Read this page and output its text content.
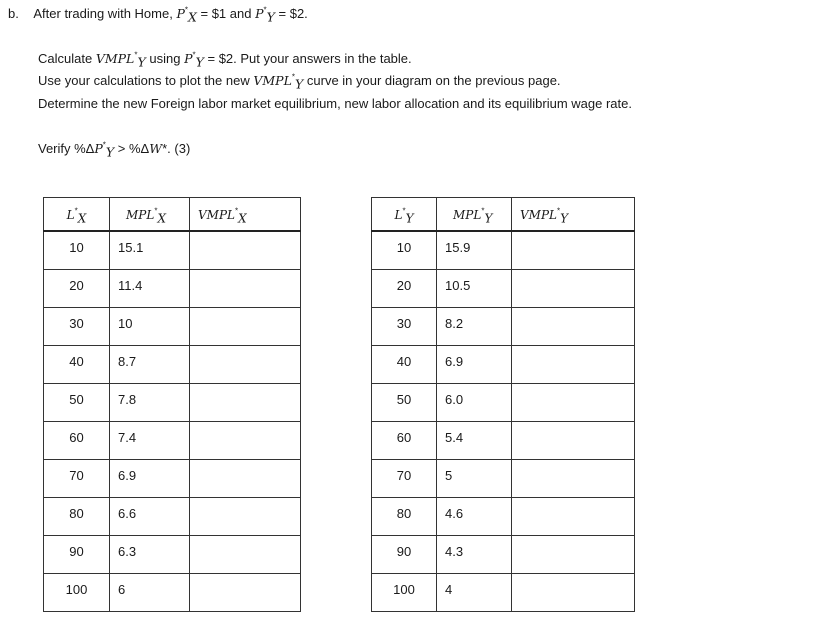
b. After trading with Home, $P^*_X$ = $1 and $P^*_Y$ = $2.
Calculate $VMPL^*_Y$ using $P^*_Y$ = $2. Put your answers in the table.
Use your calculations to plot the new $VMPL^*_Y$ curve in your diagram on the previous page.
Determine the new Foreign labor market equilibrium, new labor allocation and its equilibrium wage rate.
Verify $\%\Delta P^*_Y > \%\Delta W*$. (3)
$L^*_X$	$MPL^*_X$	$VMPL^*_X$

10	15.1	

20	11.4	

30	10	

40	8.7	

50	7.8	

60	7.4	

70	6.9	

80	6.6	

90	6.3	

100	6	

$L^*_Y$	$MPL^*_Y$	$VMPL^*_Y$

10	15.9	

20	10.5	

30	8.2	

40	6.9	

50	6.0	

60	5.4	

70	5	

80	4.6	

90	4.3	

100	4	
